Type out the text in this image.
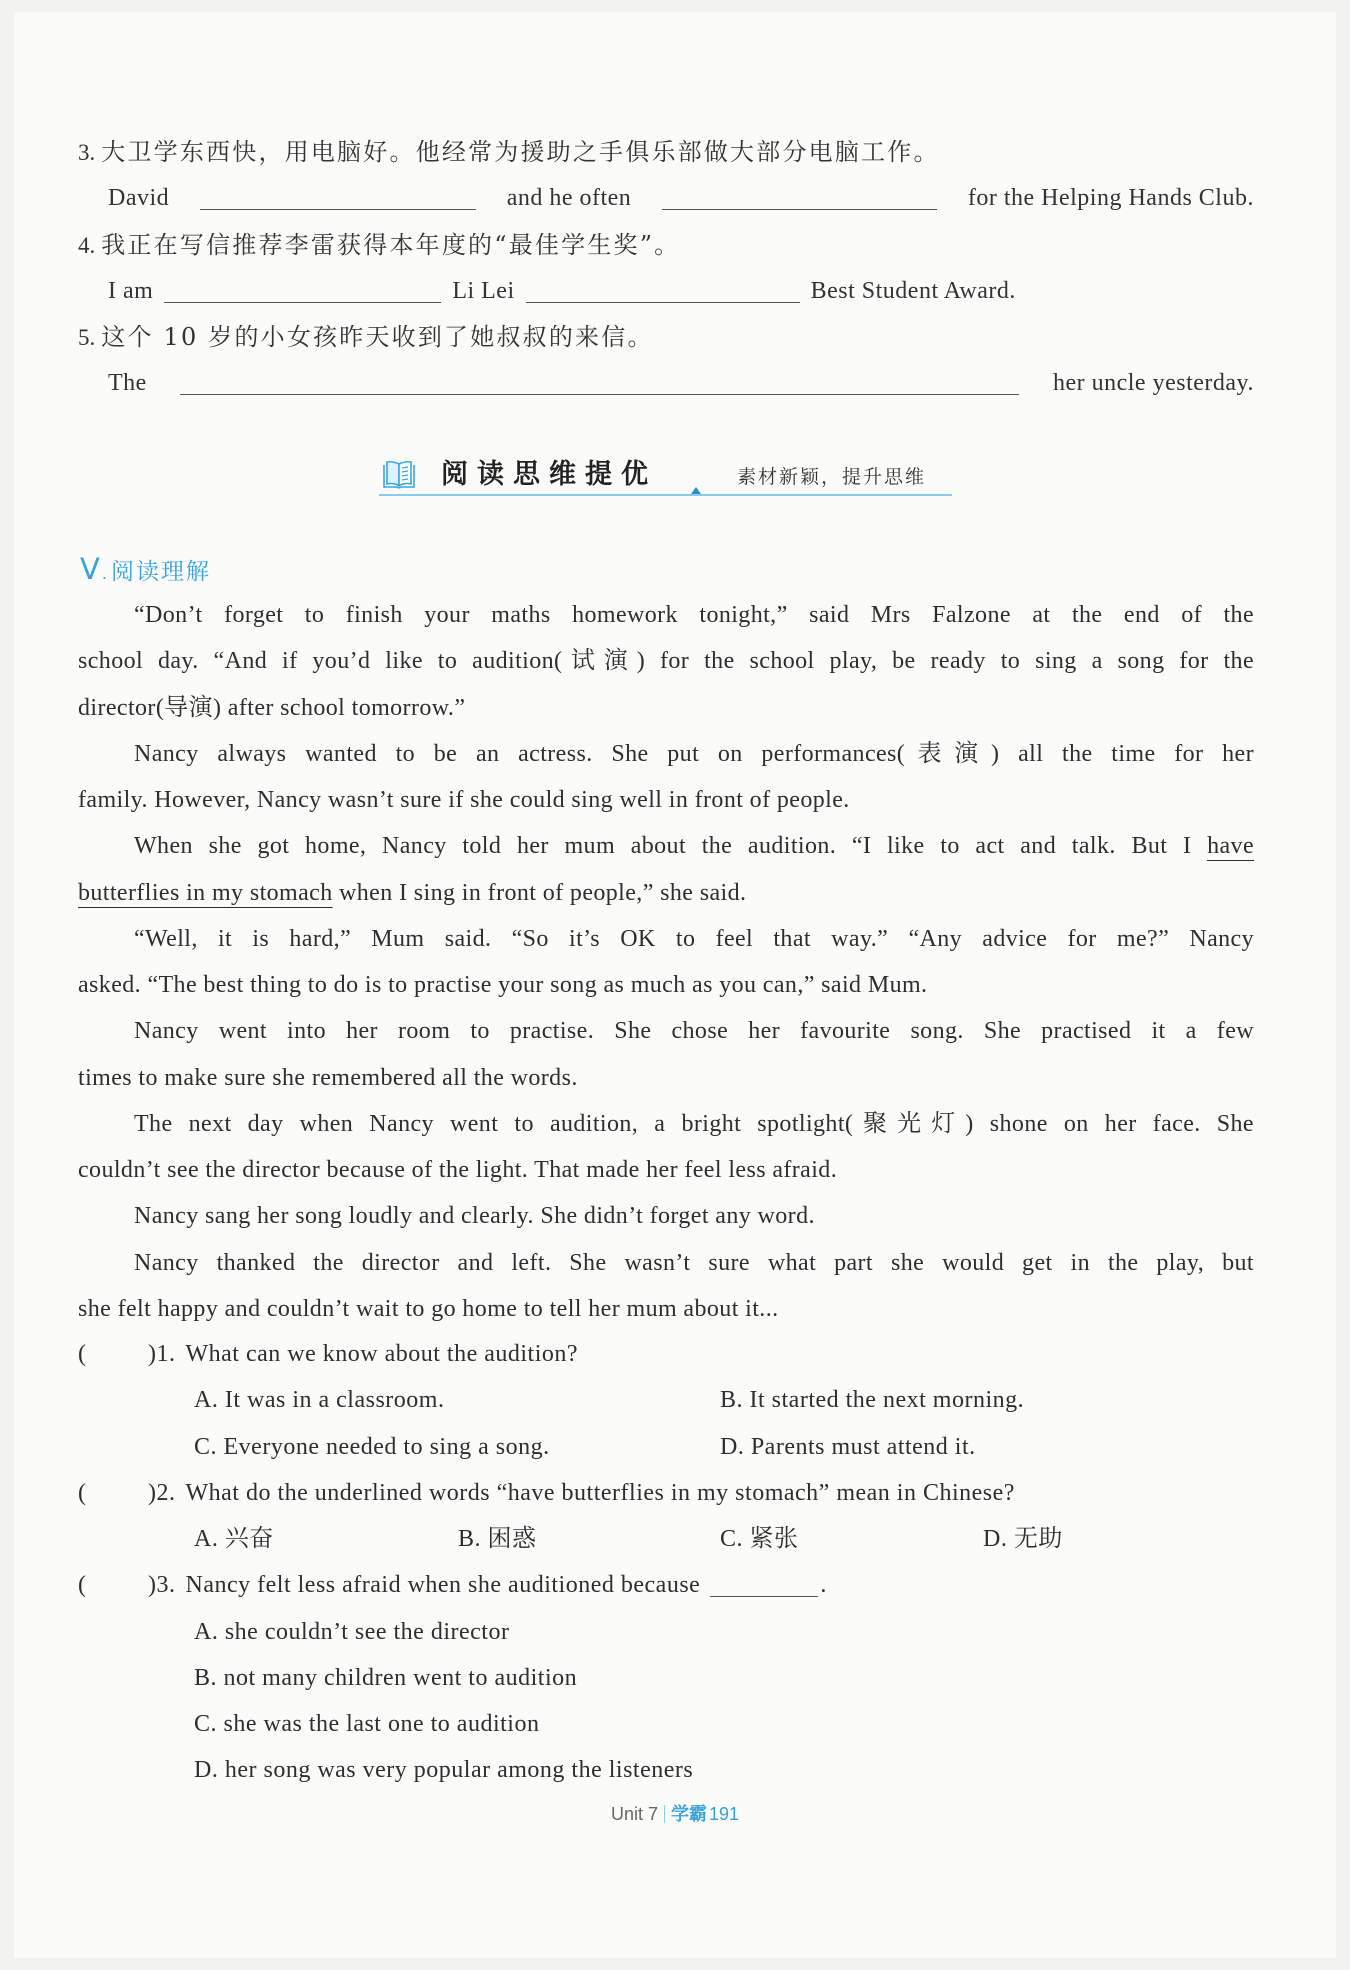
3. 大卫学东西快，用电脑好。他经常为援助之手俱乐部做大部分电脑工作。
David	and he often	for the Helping Hands Club.
4. 我正在写信推荐李雷获得本年度的“最佳学生奖”。
I am	Li Lei	Best Student Award.
5. 这个 10 岁的小女孩昨天收到了她叔叔的来信。
The	her uncle yesterday.
阅读思维提优	素材新颖，提升思维
V . 阅读理解
“Don’t forget to finish your maths homework tonight,” said Mrs Falzone at the end of the
school day. “And if you’d like to audition(试演) for the school play, be ready to sing a song for the
director(导演) after school tomorrow.”
Nancy always wanted to be an actress. She put on performances(表演) all the time for her
family. However, Nancy wasn’t sure if she could sing well in front of people.
When she got home, Nancy told her mum about the audition. “I like to act and talk. But I have
butterflies in my stomach when I sing in front of people,” she said.
“Well, it is hard,” Mum said. “So it’s OK to feel that way.” “Any advice for me?” Nancy
asked. “The best thing to do is to practise your song as much as you can,” said Mum.
Nancy went into her room to practise. She chose her favourite song. She practised it a few
times to make sure she remembered all the words.
The next day when Nancy went to audition, a bright spotlight(聚光灯) shone on her face. She
couldn’t see the director because of the light. That made her feel less afraid.
Nancy sang her song loudly and clearly. She didn’t forget any word.
Nancy thanked the director and left. She wasn’t sure what part she would get in the play, but
she felt happy and couldn’t wait to go home to tell her mum about it...
(	)1. What can we know about the audition?
A. It was in a classroom.	B. It started the next morning.
C. Everyone needed to sing a song.	D. Parents must attend it.
(	)2. What do the underlined words “have butterflies in my stomach” mean in Chinese?
A. 兴奋	B. 困惑	C. 紧张	D. 无助
(	)3. Nancy felt less afraid when she auditioned because	.
A. she couldn’t see the director
B. not many children went to audition
C. she was the last one to audition
D. her song was very popular among the listeners
Unit 7 学霸 191
